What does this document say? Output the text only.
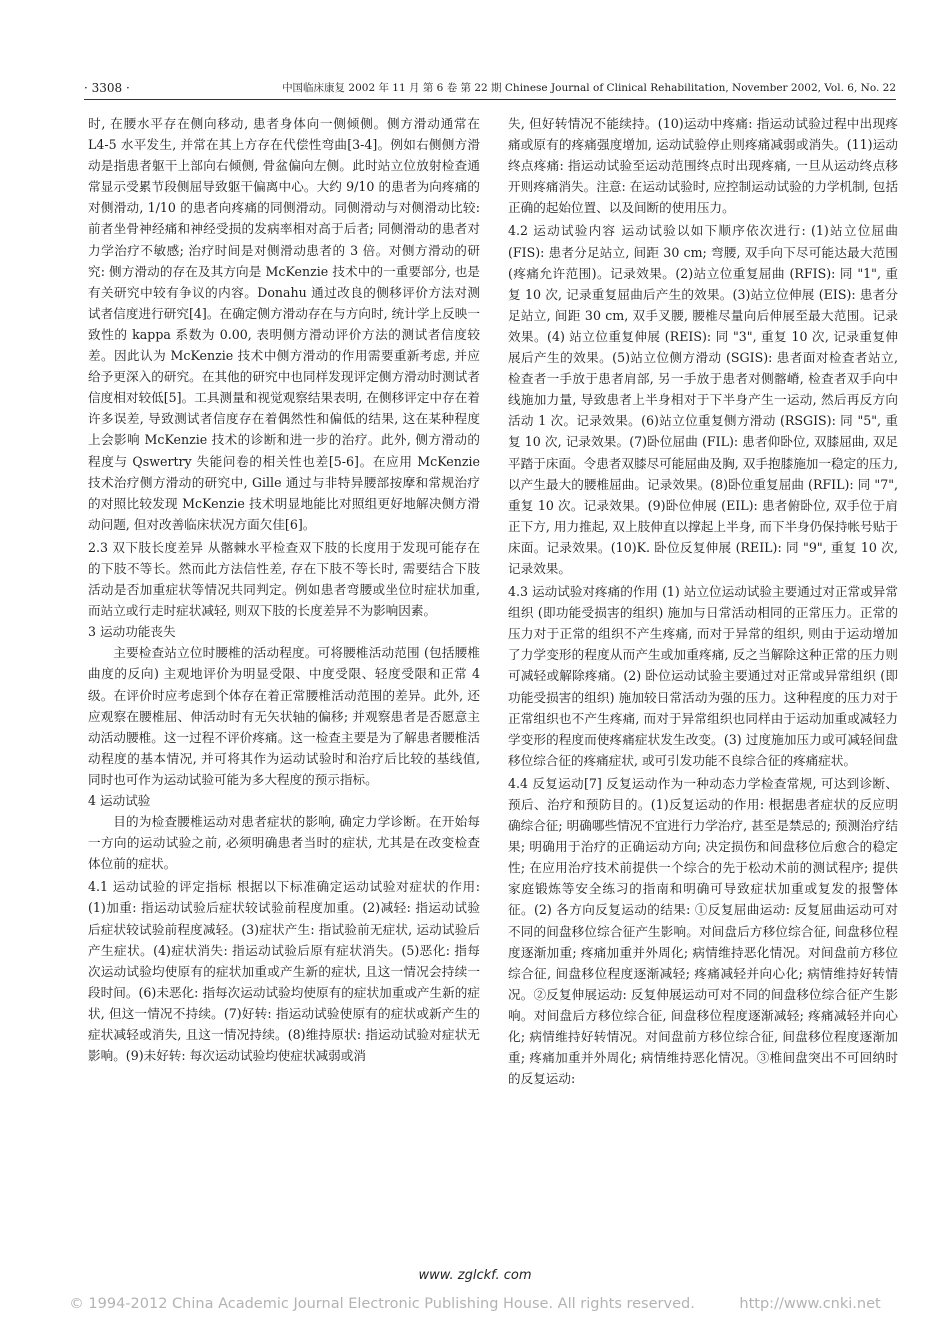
· 3308 ·	中国临床康复 2002 年 11 月 第 6 卷 第 22 期 Chinese Journal of Clinical Rehabilitation, November 2002, Vol. 6, No. 22

时, 在腰水平存在侧向移动, 患者身体向一侧倾侧。侧方滑动通常在 L4-5 水平发生, 并常在其上方存在代偿性弯曲[3-4]。例如右侧侧方滑动是指患者躯干上部向右倾侧, 骨盆偏向左侧。此时站立位放射检查通常显示受累节段侧屈导致躯干偏离中心。大约 9/10 的患者为向疼痛的对侧滑动, 1/10 的患者向疼痛的同侧滑动。同侧滑动与对侧滑动比较: 前者坐骨神经痛和神经受损的发病率相对高于后者; 同侧滑动的患者对力学治疗不敏感; 治疗时间是对侧滑动患者的 3 倍。对侧方滑动的研究: 侧方滑动的存在及其方向是 McKenzie 技术中的一重要部分, 也是有关研究中较有争议的内容。Donahu 通过改良的侧移评价方法对测试者信度进行研究[4]。在确定侧方滑动存在与方向时, 统计学上反映一致性的 kappa 系数为 0.00, 表明侧方滑动评价方法的测试者信度较差。因此认为 McKenzie 技术中侧方滑动的作用需要重新考虑, 并应给予更深入的研究。在其他的研究中也同样发现评定侧方滑动时测试者信度相对较低[5]。工具测量和视觉观察结果表明, 在侧移评定中存在着许多误差, 导致测试者信度存在着偶然性和偏低的结果, 这在某种程度上会影响 McKenzie 技术的诊断和进一步的治疗。此外, 侧方滑动的程度与 Qswertry 失能问卷的相关性也差[5-6]。在应用 McKenzie 技术治疗侧方滑动的研究中, Gille 通过与非特异腰部按摩和常规治疗的对照比较发现 McKenzie 技术明显地能比对照组更好地解决侧方滑动问题, 但对改善临床状况方面欠佳[6]。

2.3 双下肢长度差异 从髂棘水平检查双下肢的长度用于发现可能存在的下肢不等长。然而此方法信性差, 存在下肢不等长时, 需要结合下肢活动是否加重症状等情况共同判定。例如患者弯腰或坐位时症状加重, 而站立或行走时症状减轻, 则双下肢的长度差异不为影响因素。

3 运动功能丧失

主要检查站立位时腰椎的活动程度。可将腰椎活动范围 (包括腰椎曲度的反向) 主观地评价为明显受限、中度受限、轻度受限和正常 4 级。在评价时应考虑到个体存在着正常腰椎活动范围的差异。此外, 还应观察在腰椎屈、伸活动时有无矢状轴的偏移; 并观察患者是否愿意主动活动腰椎。这一过程不评价疼痛。这一检查主要是为了解患者腰椎活动程度的基本情况, 并可将其作为运动试验时和治疗后比较的基线值, 同时也可作为运动试验可能为多大程度的预示指标。

4 运动试验

目的为检查腰椎运动对患者症状的影响, 确定力学诊断。在开始每一方向的运动试验之前, 必须明确患者当时的症状, 尤其是在改变检查体位前的症状。

4.1 运动试验的评定指标 根据以下标准确定运动试验对症状的作用: (1)加重: 指运动试验后症状较试验前程度加重。(2)减轻: 指运动试验后症状较试验前程度减轻。(3)症状产生: 指试验前无症状, 运动试验后产生症状。(4)症状消失: 指运动试验后原有症状消失。(5)恶化: 指每次运动试验均使原有的症状加重或产生新的症状, 且这一情况会持续一段时间。(6)未恶化: 指每次运动试验均使原有的症状加重或产生新的症状, 但这一情况不持续。(7)好转: 指运动试验使原有的症状或新产生的症状减轻或消失, 且这一情况持续。(8)维持原状: 指运动试验对症状无影响。(9)未好转: 每次运动试验均使症状减弱或消

失, 但好转情况不能续持。(10)运动中疼痛: 指运动试验过程中出现疼痛或原有的疼痛强度增加, 运动试验停止则疼痛减弱或消失。(11)运动终点疼痛: 指运动试验至运动范围终点时出现疼痛, 一旦从运动终点移开则疼痛消失。注意: 在运动试验时, 应控制运动试验的力学机制, 包括正确的起始位置、以及间断的使用压力。

4.2 运动试验内容 运动试验以如下顺序依次进行: (1)站立位屈曲 (FIS): 患者分足站立, 间距 30 cm; 弯腰, 双手向下尽可能达最大范围 (疼痛允许范围)。记录效果。(2)站立位重复屈曲 (RFIS): 同 "1", 重复 10 次, 记录重复屈曲后产生的效果。(3)站立位伸展 (EIS): 患者分足站立, 间距 30 cm, 双手叉腰, 腰椎尽量向后伸展至最大范围。记录效果。(4) 站立位重复伸展 (REIS): 同 "3", 重复 10 次, 记录重复伸展后产生的效果。(5)站立位侧方滑动 (SGIS): 患者面对检查者站立, 检查者一手放于患者肩部, 另一手放于患者对侧髂嵴, 检查者双手向中线施加力量, 导致患者上半身相对于下半身产生一运动, 然后再反方向活动 1 次。记录效果。(6)站立位重复侧方滑动 (RSGIS): 同 "5", 重复 10 次, 记录效果。(7)卧位屈曲 (FIL): 患者仰卧位, 双膝屈曲, 双足平踏于床面。令患者双膝尽可能屈曲及胸, 双手抱膝施加一稳定的压力, 以产生最大的腰椎屈曲。记录效果。(8)卧位重复屈曲 (RFIL): 同 "7", 重复 10 次。记录效果。(9)卧位伸展 (EIL): 患者俯卧位, 双手位于肩正下方, 用力推起, 双上肢伸直以撑起上半身, 而下半身仍保持帐号贴于床面。记录效果。(10)K. 卧位反复伸展 (REIL): 同 "9", 重复 10 次, 记录效果。

4.3 运动试验对疼痛的作用 (1) 站立位运动试验主要通过对正常或异常组织 (即功能受损害的组织) 施加与日常活动相同的正常压力。正常的压力对于正常的组织不产生疼痛, 而对于异常的组织, 则由于运动增加了力学变形的程度从而产生或加重疼痛, 反之当解除这种正常的压力则可减轻或解除疼痛。(2) 卧位运动试验主要通过对正常或异常组织 (即功能受损害的组织) 施加较日常活动为强的压力。这种程度的压力对于正常组织也不产生疼痛, 而对于异常组织也同样由于运动加重或减轻力学变形的程度而使疼痛症状发生改变。(3) 过度施加压力或可减轻间盘移位综合征的疼痛症状, 或可引发功能不良综合征的疼痛症状。

4.4 反复运动[7] 反复运动作为一种动态力学检查常规, 可达到诊断、预后、治疗和预防目的。(1)反复运动的作用: 根据患者症状的反应明确综合征; 明确哪些情况不宜进行力学治疗, 甚至是禁忌的; 预测治疗结果; 明确用于治疗的正确运动方向; 决定损伤和间盘移位后愈合的稳定性; 在应用治疗技术前提供一个综合的先于松动术前的测试程序; 提供家庭锻炼等安全练习的指南和明确可导致症状加重或复发的报警体征。(2) 各方向反复运动的结果: ①反复屈曲运动: 反复屈曲运动可对不同的间盘移位综合征产生影响。对间盘后方移位综合征, 间盘移位程度逐渐加重; 疼痛加重并外周化; 病情维持恶化情况。对间盘前方移位综合征, 间盘移位程度逐渐减轻; 疼痛减轻并向心化; 病情维持好转情况。②反复伸展运动: 反复伸展运动可对不同的间盘移位综合征产生影响。对间盘后方移位综合征, 间盘移位程度逐渐减轻; 疼痛减轻并向心化; 病情维持好转情况。对间盘前方移位综合征, 间盘移位程度逐渐加重; 疼痛加重并外周化; 病情维持恶化情况。③椎间盘突出不可回纳时的反复运动:

www. zglckf. com
© 1994-2012 China Academic Journal Electronic Publishing House. All rights reserved.	http://www.cnki.net
